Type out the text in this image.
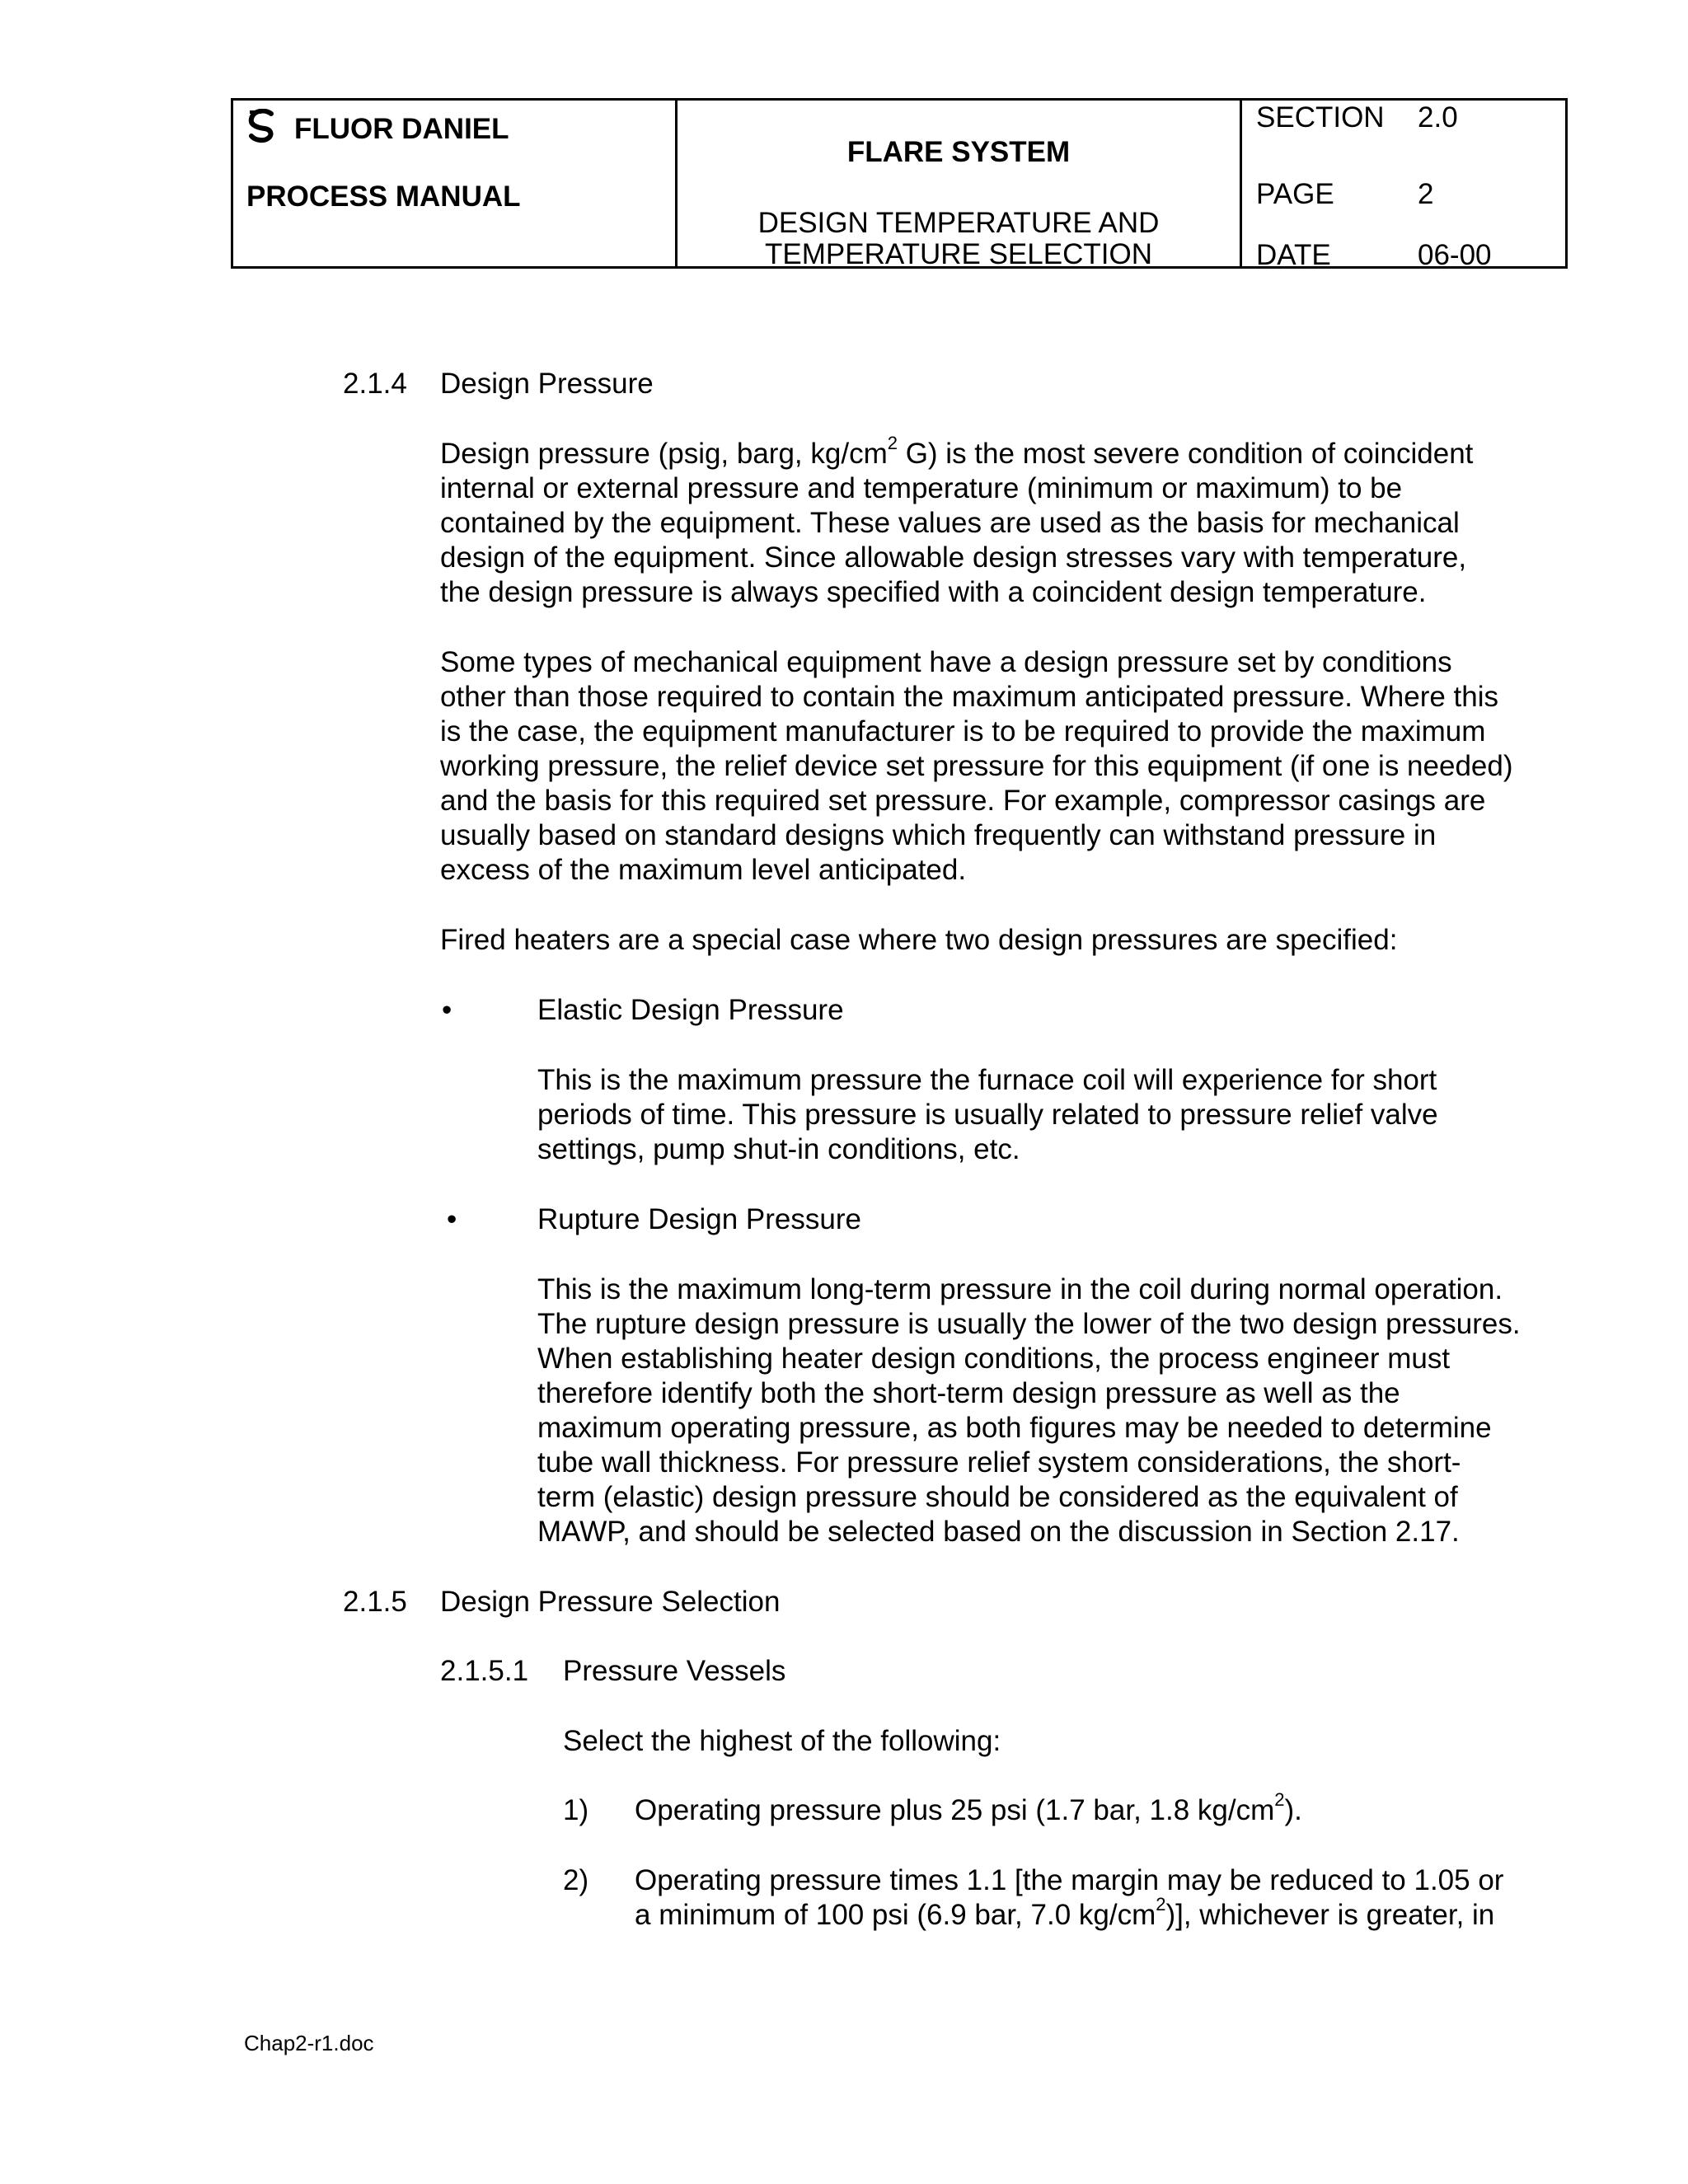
FLUOR DANIEL
PROCESS MANUAL
FLARE SYSTEM
DESIGN TEMPERATURE AND
TEMPERATURE SELECTION
SECTION 2.0
PAGE	2
DATE	06-00
2.1.4 Design Pressure
Design pressure (psig, barg, $kg/cm^2$ G) is the most severe condition of coincident
internal or external pressure and temperature (minimum or maximum) to be
contained by the equipment. These values are used as the basis for mechanical
design of the equipment. Since allowable design stresses vary with temperature,
the design pressure is always specified with a coincident design temperature.
Some types of mechanical equipment have a design pressure set by conditions
other than those required to contain the maximum anticipated pressure. Where this
is the case, the equipment manufacturer is to be required to provide the maximum
working pressure, the relief device set pressure for this equipment (if one is needed)
and the basis for this required set pressure. For example, compressor casings are
usually based on standard designs which frequently can withstand pressure in
excess of the maximum level anticipated.
Fired heaters are a special case where two design pressures are specified:
•	Elastic Design Pressure
This is the maximum pressure the furnace coil will experience for short
periods of time. This pressure is usually related to pressure relief valve
settings, pump shut-in conditions, etc.
•	Rupture Design Pressure
This is the maximum long-term pressure in the coil during normal operation.
The rupture design pressure is usually the lower of the two design pressures.
When establishing heater design conditions, the process engineer must
therefore identify both the short-term design pressure as well as the
maximum operating pressure, as both figures may be needed to determine
tube wall thickness. For pressure relief system considerations, the short-
term (elastic) design pressure should be considered as the equivalent of
MAWP, and should be selected based on the discussion in Section 2.17.
2.1.5 Design Pressure Selection
2.1.5.1 Pressure Vessels
Select the highest of the following:
1) Operating pressure plus 25 psi (1.7 bar, 1.8 $kg/cm^2$).
2) Operating pressure times 1.1 [the margin may be reduced to 1.05 or
a minimum of 100 psi (6.9 bar, 7.0 $kg/cm^2$)], whichever is greater, in
Chap2-r1.doc
